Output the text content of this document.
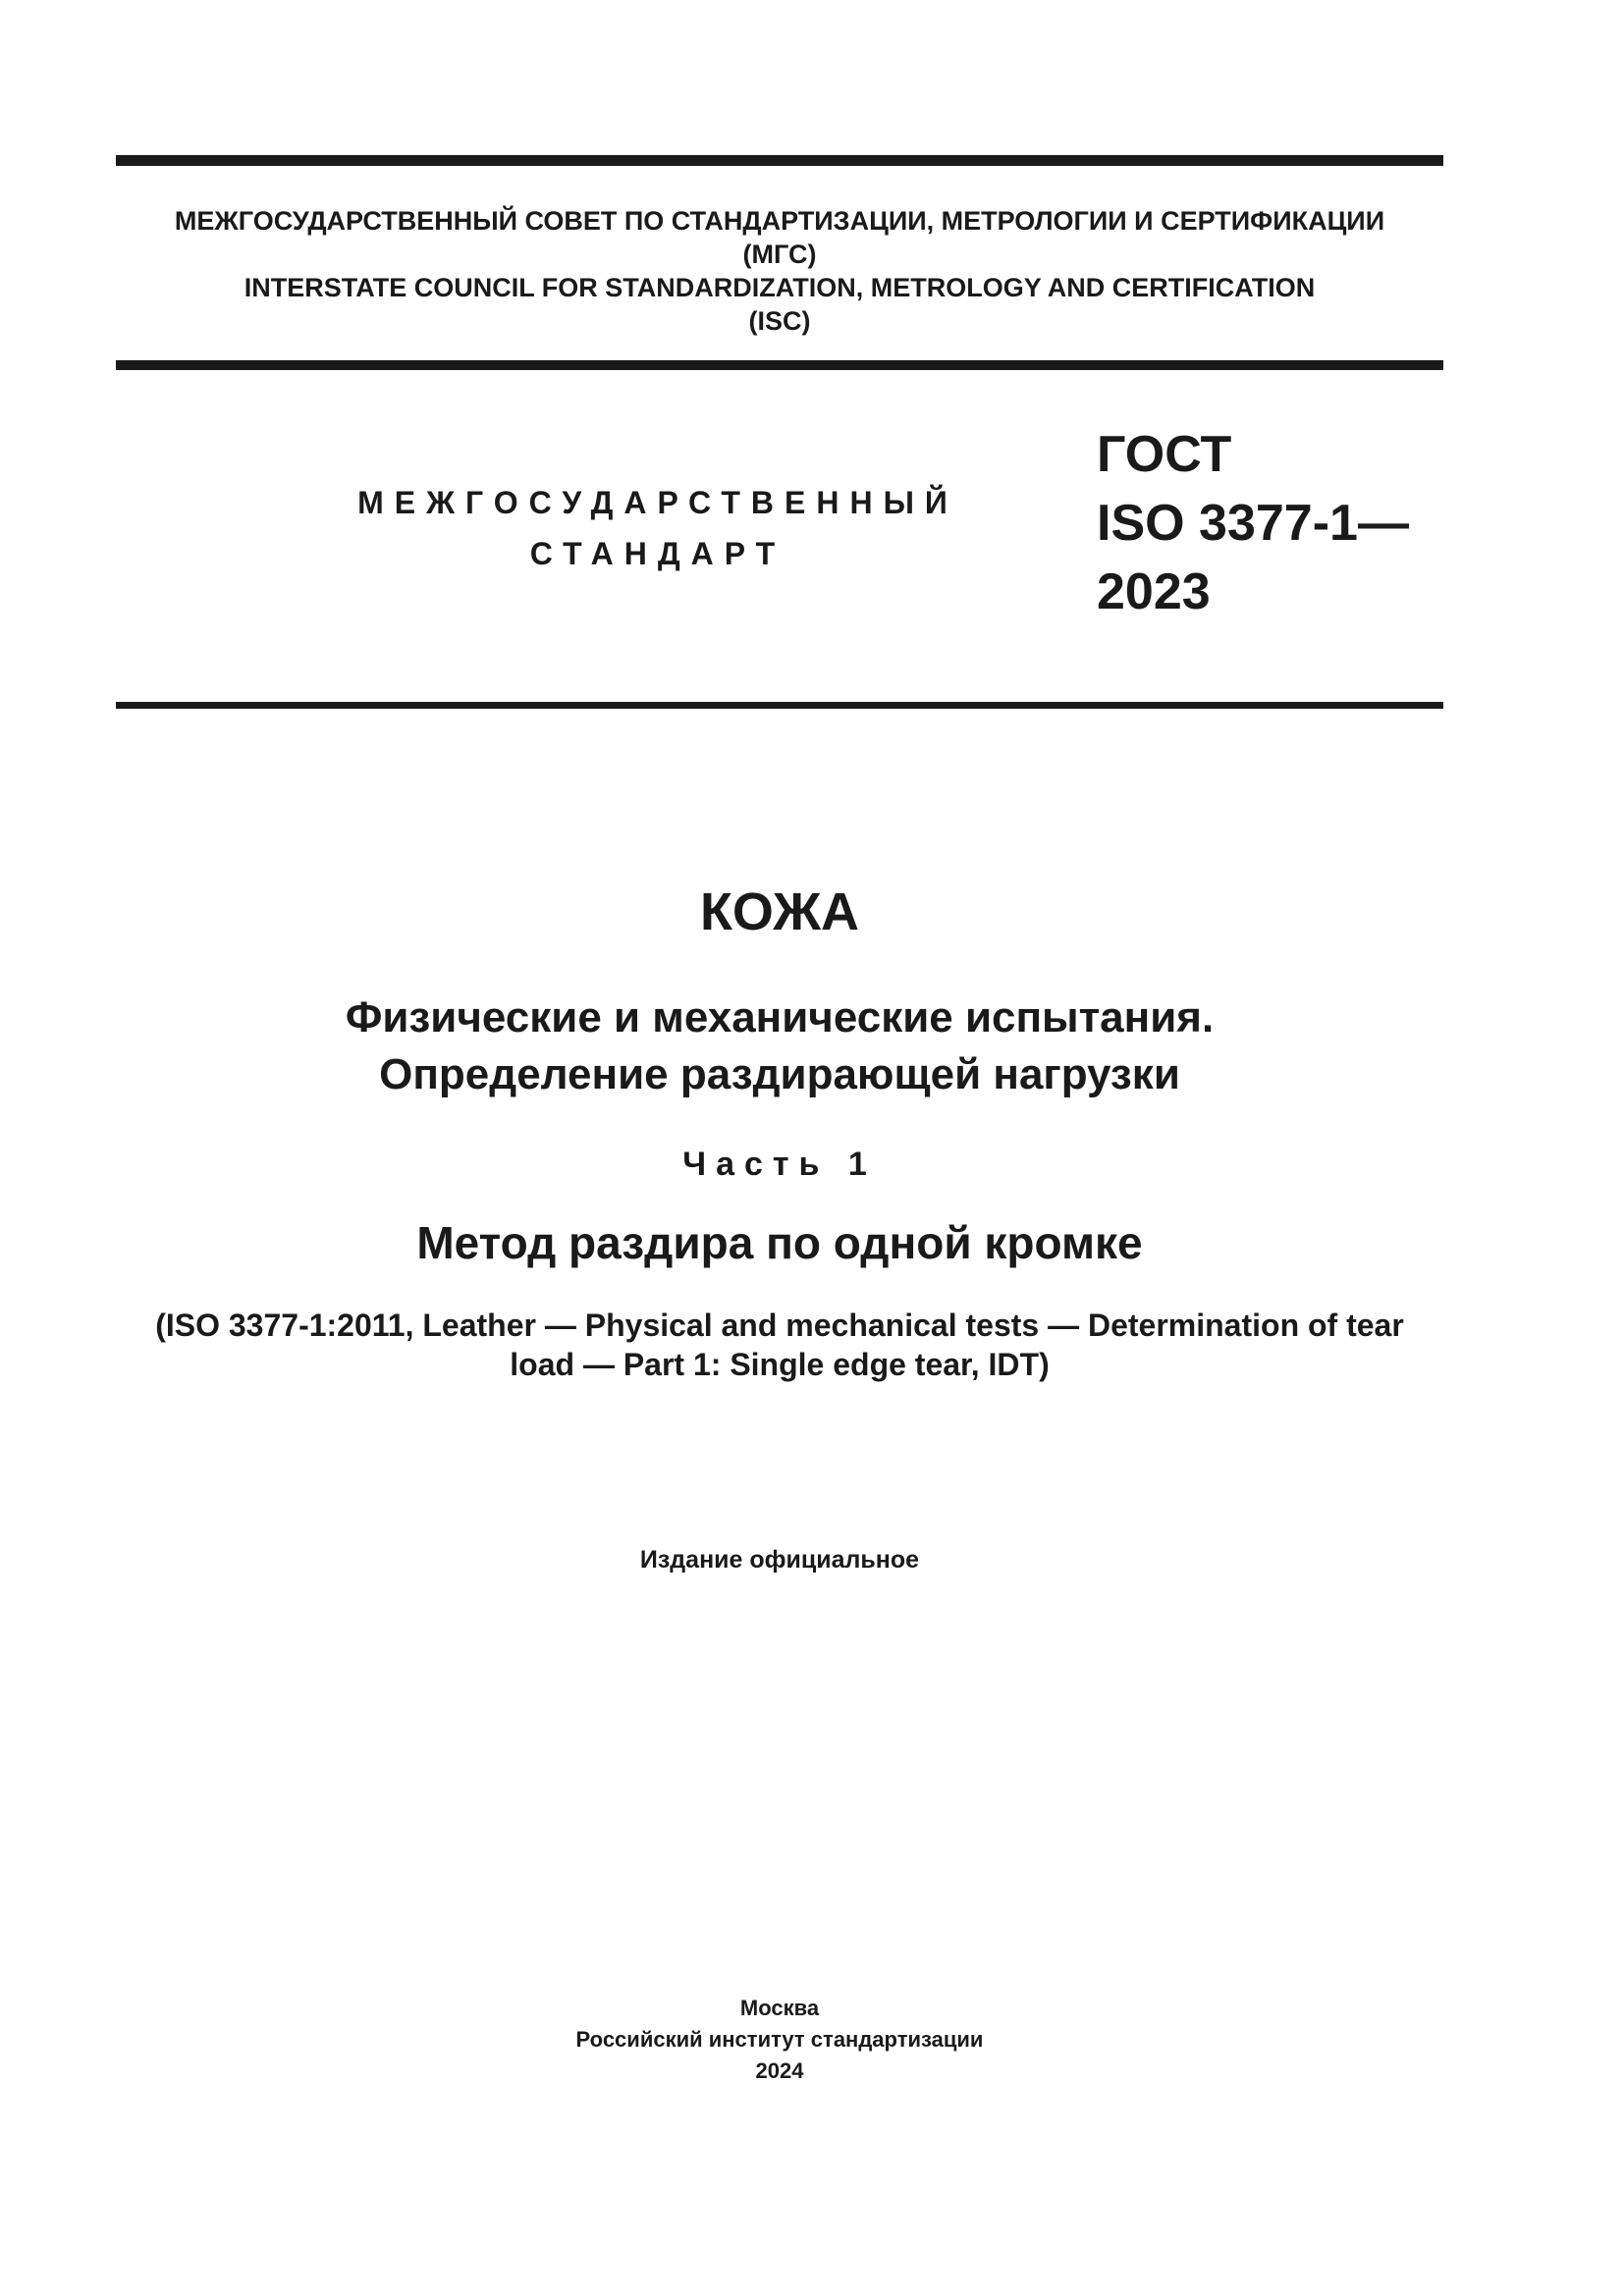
МЕЖГОСУДАРСТВЕННЫЙ СОВЕТ ПО СТАНДАРТИЗАЦИИ, МЕТРОЛОГИИ И СЕРТИФИКАЦИИ
(МГС)
INTERSTATE COUNCIL FOR STANDARDIZATION, METROLOGY AND CERTIFICATION
(ISC)
МЕЖГОСУДАРСТВЕННЫЙ
СТАНДАРТ
ГОСТ
ISO 3377-1—
2023
КОЖА
Физические и механические испытания.
Определение раздирающей нагрузки
Часть 1
Метод раздира по одной кромке
(ISO 3377-1:2011, Leather — Physical and mechanical tests — Determination of tear
load — Part 1: Single edge tear, IDT)
Издание официальное
Москва
Российский институт стандартизации
2024
